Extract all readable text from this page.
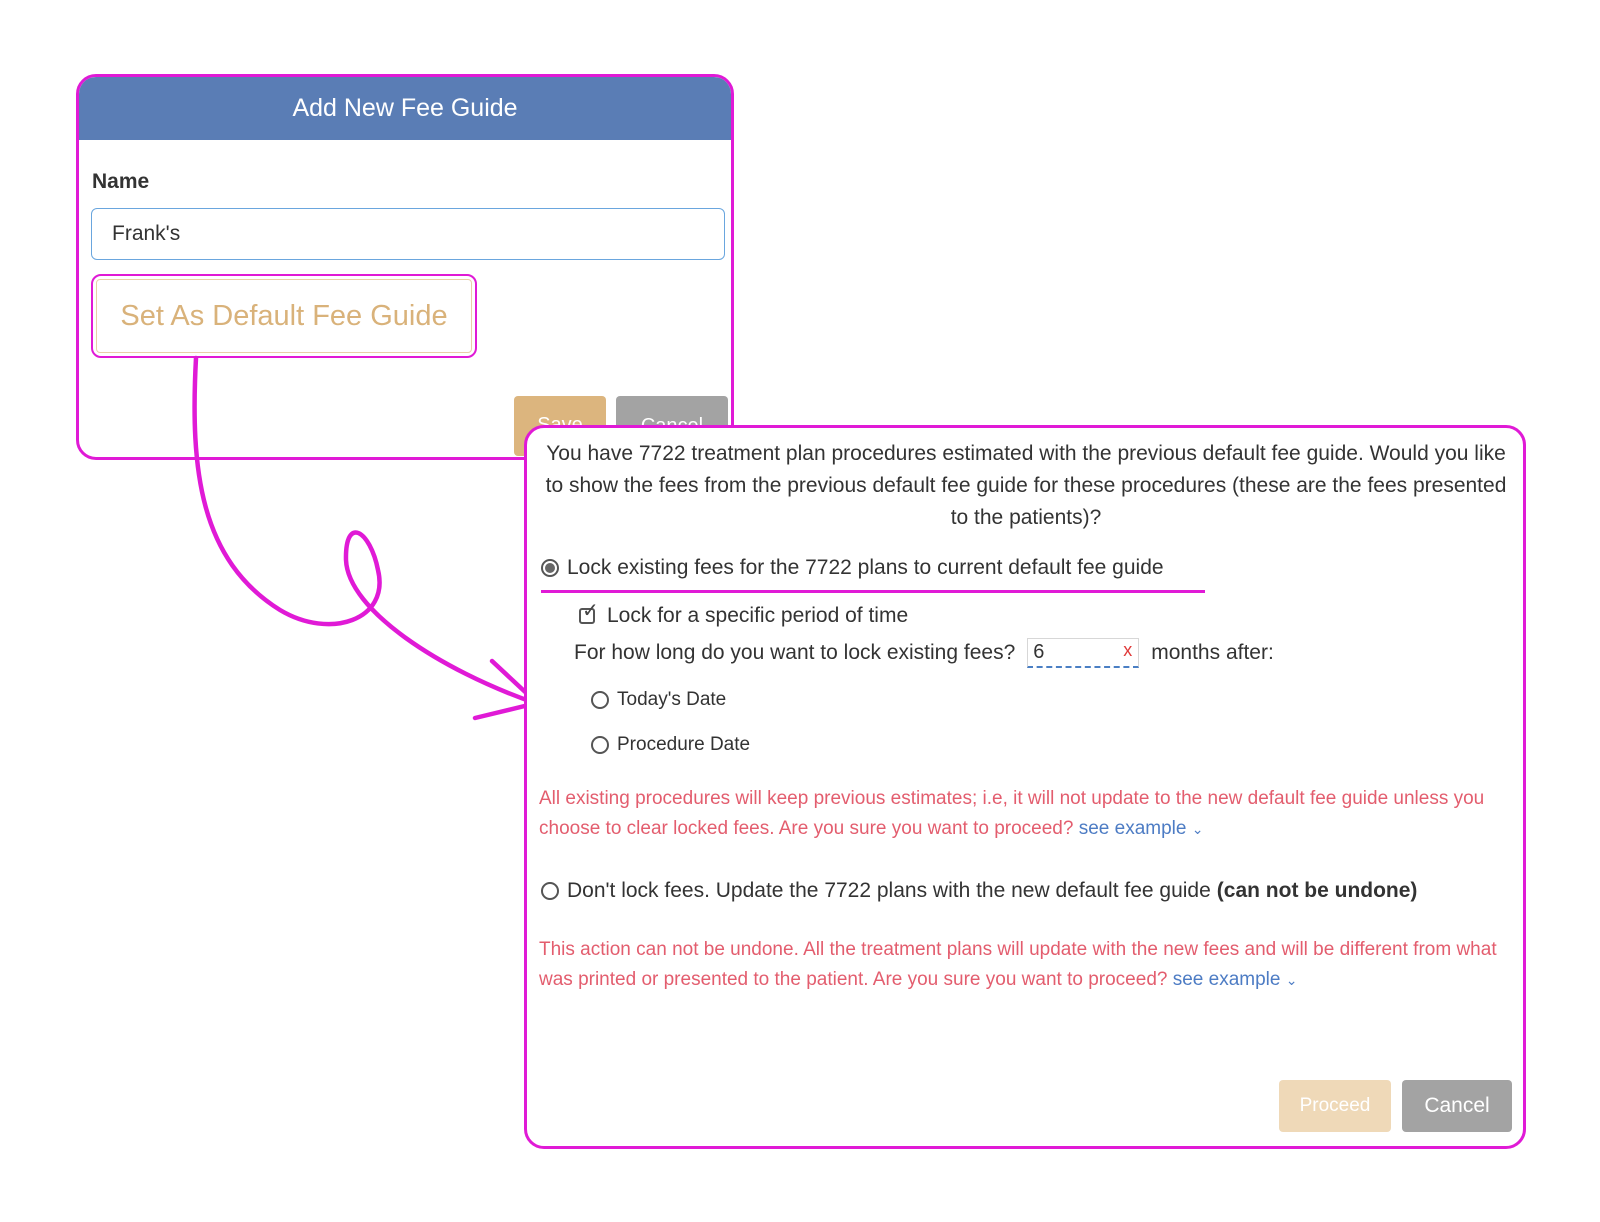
Add New Fee Guide
Name
Frank's
Set As Default Fee Guide
You have 7722 treatment plan procedures estimated with the previous default fee guide. Would you like to show the fees from the previous default fee guide for these procedures (these are the fees presented to the patients)?
Lock existing fees for the 7722 plans to current default fee guide
✓ Lock for a specific period of time
For how long do you want to lock existing fees? 6	x months after:
Today's Date
Procedure Date
All existing procedures will keep previous estimates; i.e, it will not update to the new default fee guide unless you choose to clear locked fees. Are you sure you want to proceed? see example ⌄
Don't lock fees. Update the 7722 plans with the new default fee guide (can not be undone)
This action can not be undone. All the treatment plans will update with the new fees and will be different from what was printed or presented to the patient. Are you sure you want to proceed? see example ⌄
Proceed	Cancel
